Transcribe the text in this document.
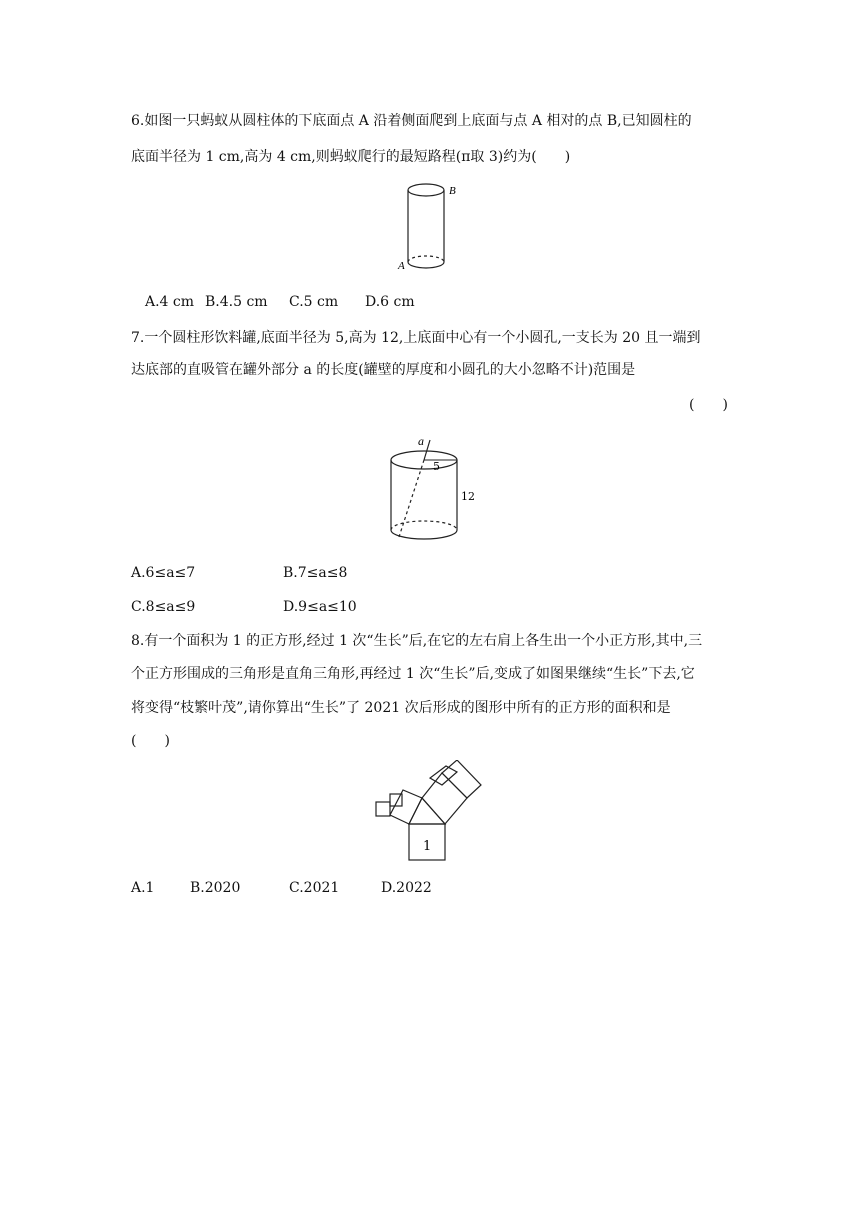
6.如图一只蚂蚁从圆柱体的下底面点 A 沿着侧面爬到上底面与点 A 相对的点 B,已知圆柱的
底面半径为 1 cm,高为 4 cm,则蚂蚁爬行的最短路程(π取 3)约为(　　)
B
A
A.4 cm B.4.5 cm C.5 cm D.6 cm
7.一个圆柱形饮料罐,底面半径为 5,高为 12,上底面中心有一个小圆孔,一支长为 20 且一端到
达底部的直吸管在罐外部分 a 的长度(罐壁的厚度和小圆孔的大小忽略不计)范围是
(　　)
a
5
12
A.6≤a≤7	B.7≤a≤8
C.8≤a≤9	D.9≤a≤10
8.有一个面积为 1 的正方形,经过 1 次“生长”后,在它的左右肩上各生出一个小正方形,其中,三
个正方形围成的三角形是直角三角形,再经过 1 次“生长”后,变成了如图果继续“生长”下去,它
将变得“枝繁叶茂”,请你算出“生长”了 2021 次后形成的图形中所有的正方形的面积和是
(　　)
1
A.1	B.2020	C.2021	D.2022
